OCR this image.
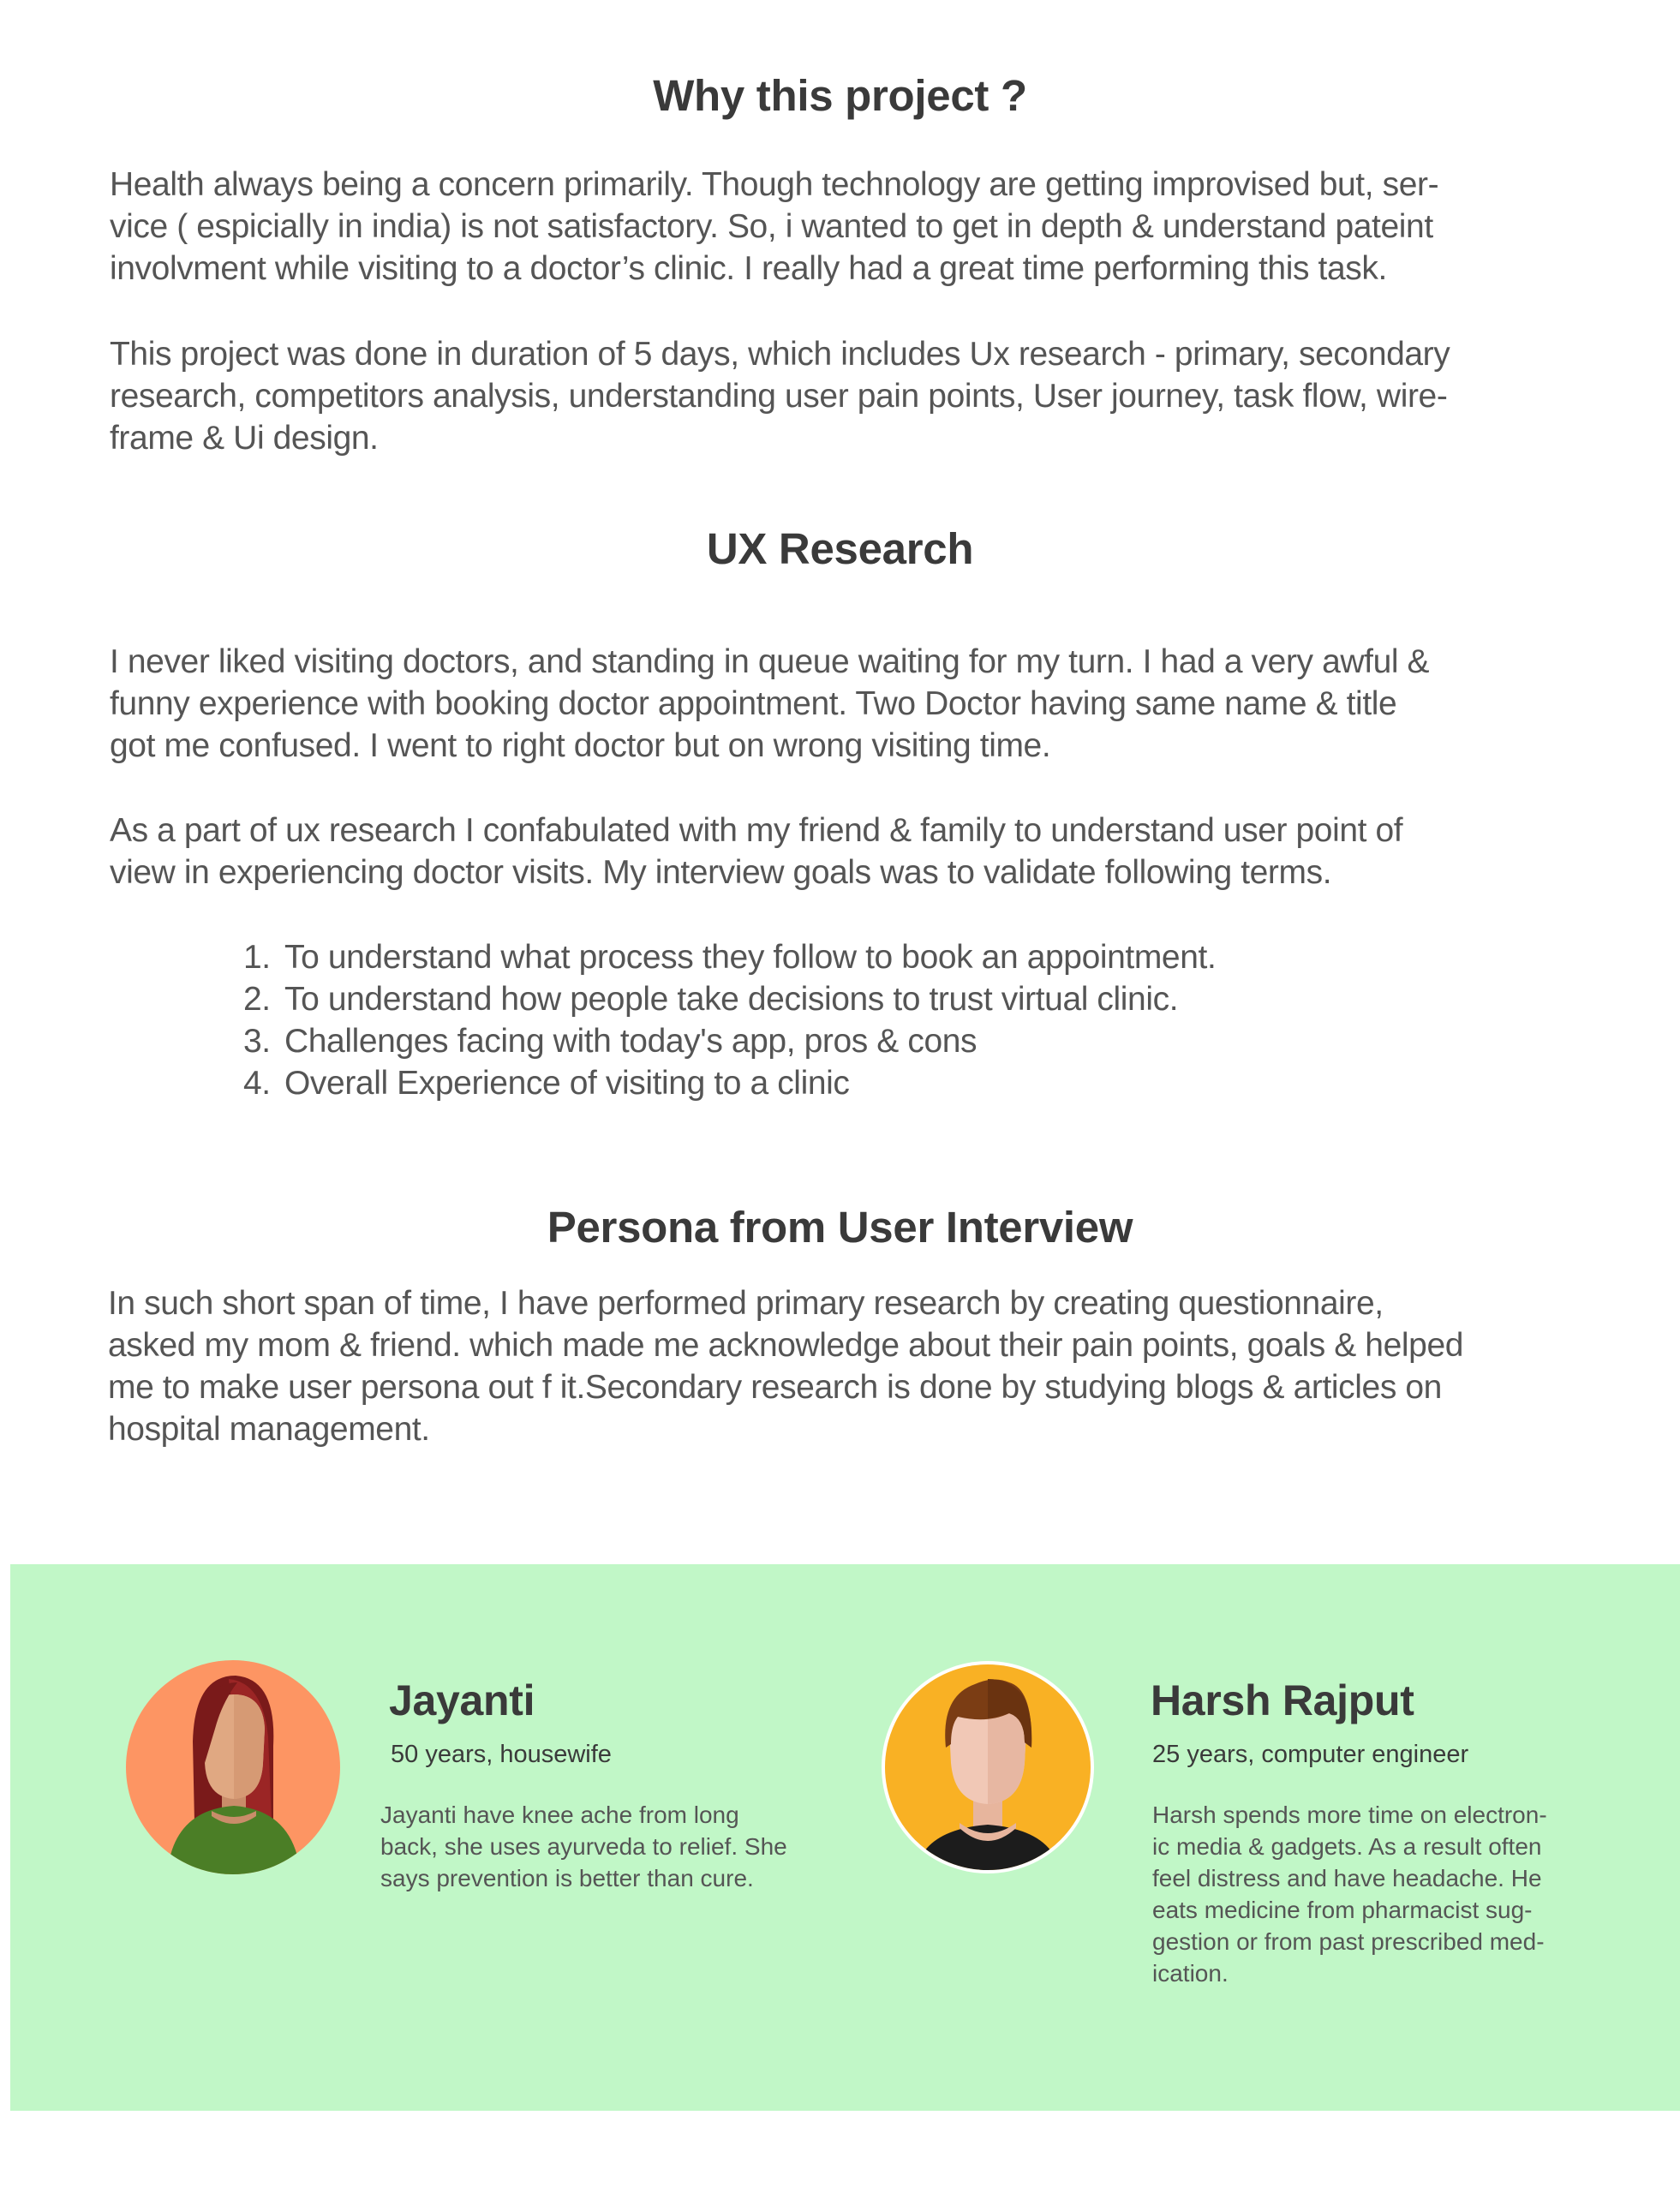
Why this project ?

Health always being a concern primarily. Though technology are getting improvised but, ser-
vice ( espicially in india) is not satisfactory. So, i wanted to get in depth & understand pateint
involvment while visiting to a doctor’s clinic. I really had a great time performing this task.

This project was done in duration of 5 days, which includes Ux research - primary, secondary
research, competitors analysis, understanding user pain points, User journey, task flow, wire-
frame & Ui design.

UX Research

I never liked visiting doctors, and standing in queue waiting for my turn. I had a very awful &
funny experience with booking doctor appointment. Two Doctor having same name & title
got me confused. I went to right doctor but on wrong visiting time.

As a part of ux research I confabulated with my friend & family to understand user point of
view in experiencing doctor visits. My interview goals was to validate following terms.

1. To understand what process they follow to book an appointment.
2. To understand how people take decisions to trust virtual clinic.
3. Challenges facing with today's app, pros & cons
4. Overall Experience of visiting to a clinic
Persona from User Interview

In such short span of time, I have performed primary research by creating questionnaire,
asked my mom & friend. which made me acknowledge about their pain points, goals & helped
me to make user persona out f it.Secondary research is done by studying blogs & articles on
hospital management.

Jayanti

50 years, housewife

Jayanti have knee ache from long
back, she uses ayurveda to relief. She
says prevention is better than cure.

Harsh Rajput

25 years, computer engineer

Harsh spends more time on electron-
ic media & gadgets. As a result often
feel distress and have headache. He
eats medicine from pharmacist sug-
gestion or from past prescribed med-
ication.
